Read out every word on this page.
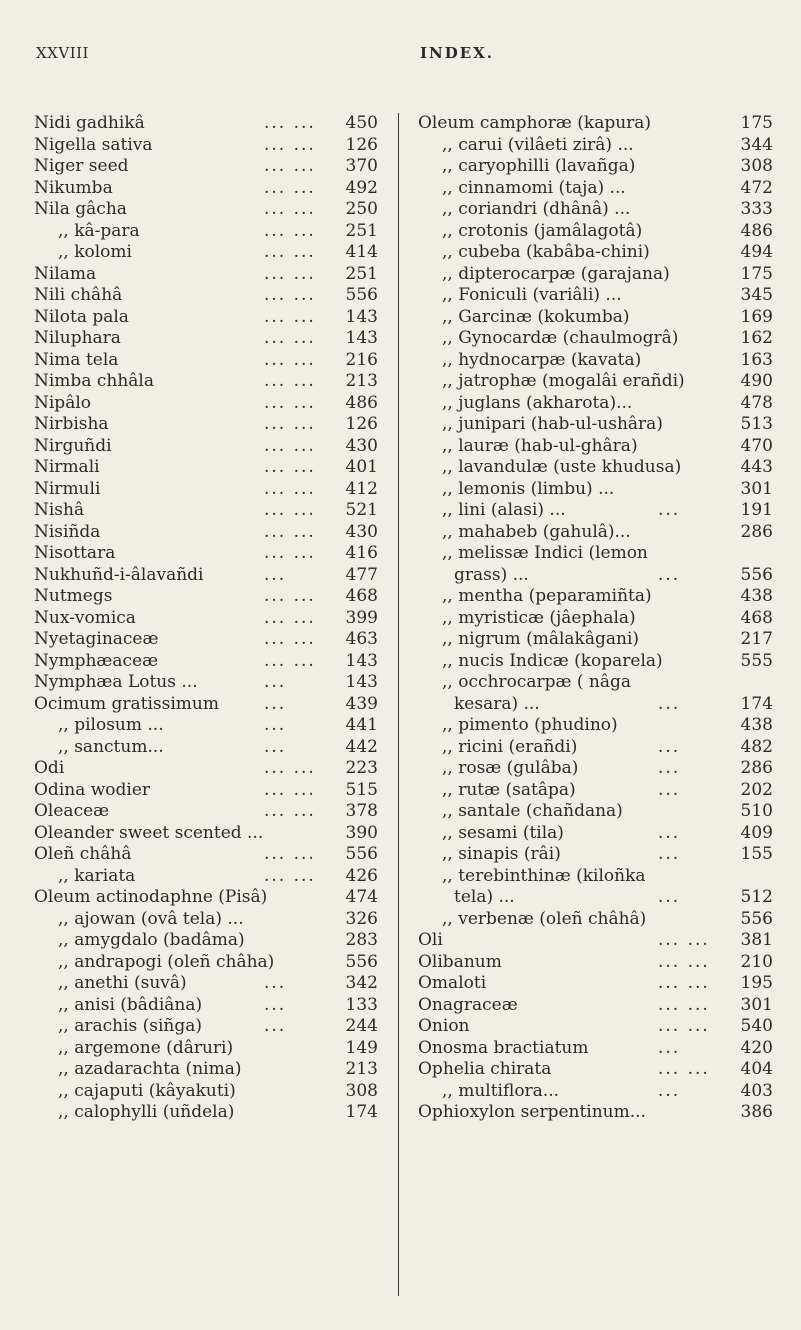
XXVIII	INDEX.
Nidi gadhikâ	... ... 450
Nigella sativa	... ... 126
Niger seed	... ... 370
Nikumba	... ... 492
Nila gâcha	... ... 250
,, kâ-para	... ... 251
,, kolomi	... ... 414
Nilama	... ... 251
Nili châhâ	... ... 556
Nilota pala	... ... 143
Niluphara	... ... 143
Nima tela	... ... 216
Nimba chhâla	... ... 213
Nipâlo	... ... 486
Nirbisha	... ... 126
Nirguñdi	... ... 430
Nirmali	... ... 401
Nirmuli	... ... 412
Nishâ	... ... 521
Nisiñda	... ... 430
Nisottara	... ... 416
Nukhuñd-i-âlavañdi	...	477
Nutmegs	... ... 468
Nux-vomica	... ... 399
Nyetaginaceæ	... ... 463
Nymphæaceæ	... ... 143
Nymphæa Lotus ...	...	143
Ocimum gratissimum	...	439
,, pilosum ...	...	441
,, sanctum...	...	442
Odi	... ... 223
Odina wodier	... ... 515
Oleaceæ	... ... 378
Oleander sweet scented ...	390
Oleñ châhâ	... ... 556
,, kariata	... ... 426
Oleum actinodaphne (Pisâ)	474
,, ajowan (ovâ tela) ...	326
,, amygdalo (badâma)	283
,, andrapogi (oleñ châha)	556
,, anethi (suvâ)	...	342
,, anisi (bâdiâna)	...	133
,, arachis (siñga)	...	244
,, argemone (dâruri)	149
,, azadarachta (nima)	213
,, cajaputi (kâyakuti)	308
,, calophylli (uñdela)	174
Oleum camphoræ (kapura)	175
,, carui (vilâeti zirâ) ...	344
,, caryophilli (lavañga)	308
,, cinnamomi (taja) ...	472
,, coriandri (dhânâ) ...	333
,, crotonis (jamâlagotâ)	486
,, cubeba (kabâba-chini)	494
,, dipterocarpæ (garajana)	175
,, Foniculi (variâli) ...	345
,, Garcinæ (kokumba)	169
,, Gynocardæ (chaulmogrâ)	162
,, hydnocarpæ (kavata)	163
,, jatrophæ (mogalâi erañdi)	490
,, juglans (akharota)...	478
,, junipari (hab-ul-ushâra)	513
,, lauræ (hab-ul-ghâra)	470
,, lavandulæ (uste khudusa)	443
,, lemonis (limbu) ...	301
,, lini (alasi) ...	...	191
,, mahabeb (gahulâ)...	286
,, melissæ Indici (lemon
grass) ...	...	556
,, mentha (peparamiñta)	438
,, myristicæ (jâephala)	468
,, nigrum (mâlakâgani)	217
,, nucis Indicæ (koparela)	555
,, occhrocarpæ ( nâga
kesara) ...	...	174
,, pimento (phudino)	438
,, ricini (erañdi)	...	482
,, rosæ (gulâba)	...	286
,, rutæ (satâpa)	...	202
,, santale (chañdana)	510
,, sesami (tila)	...	409
,, sinapis (râi)	...	155
,, terebinthinæ (kiloñka
tela) ...	...	512
,, verbenæ (oleñ châhâ)	556
Oli	... ... 381
Olibanum	... ... 210
Omaloti	... ... 195
Onagraceæ	... ... 301
Onion	... ... 540
Onosma bractiatum	...	420
Ophelia chirata	... ... 404
,, multiflora...	...	403
Ophioxylon serpentinum...	386
